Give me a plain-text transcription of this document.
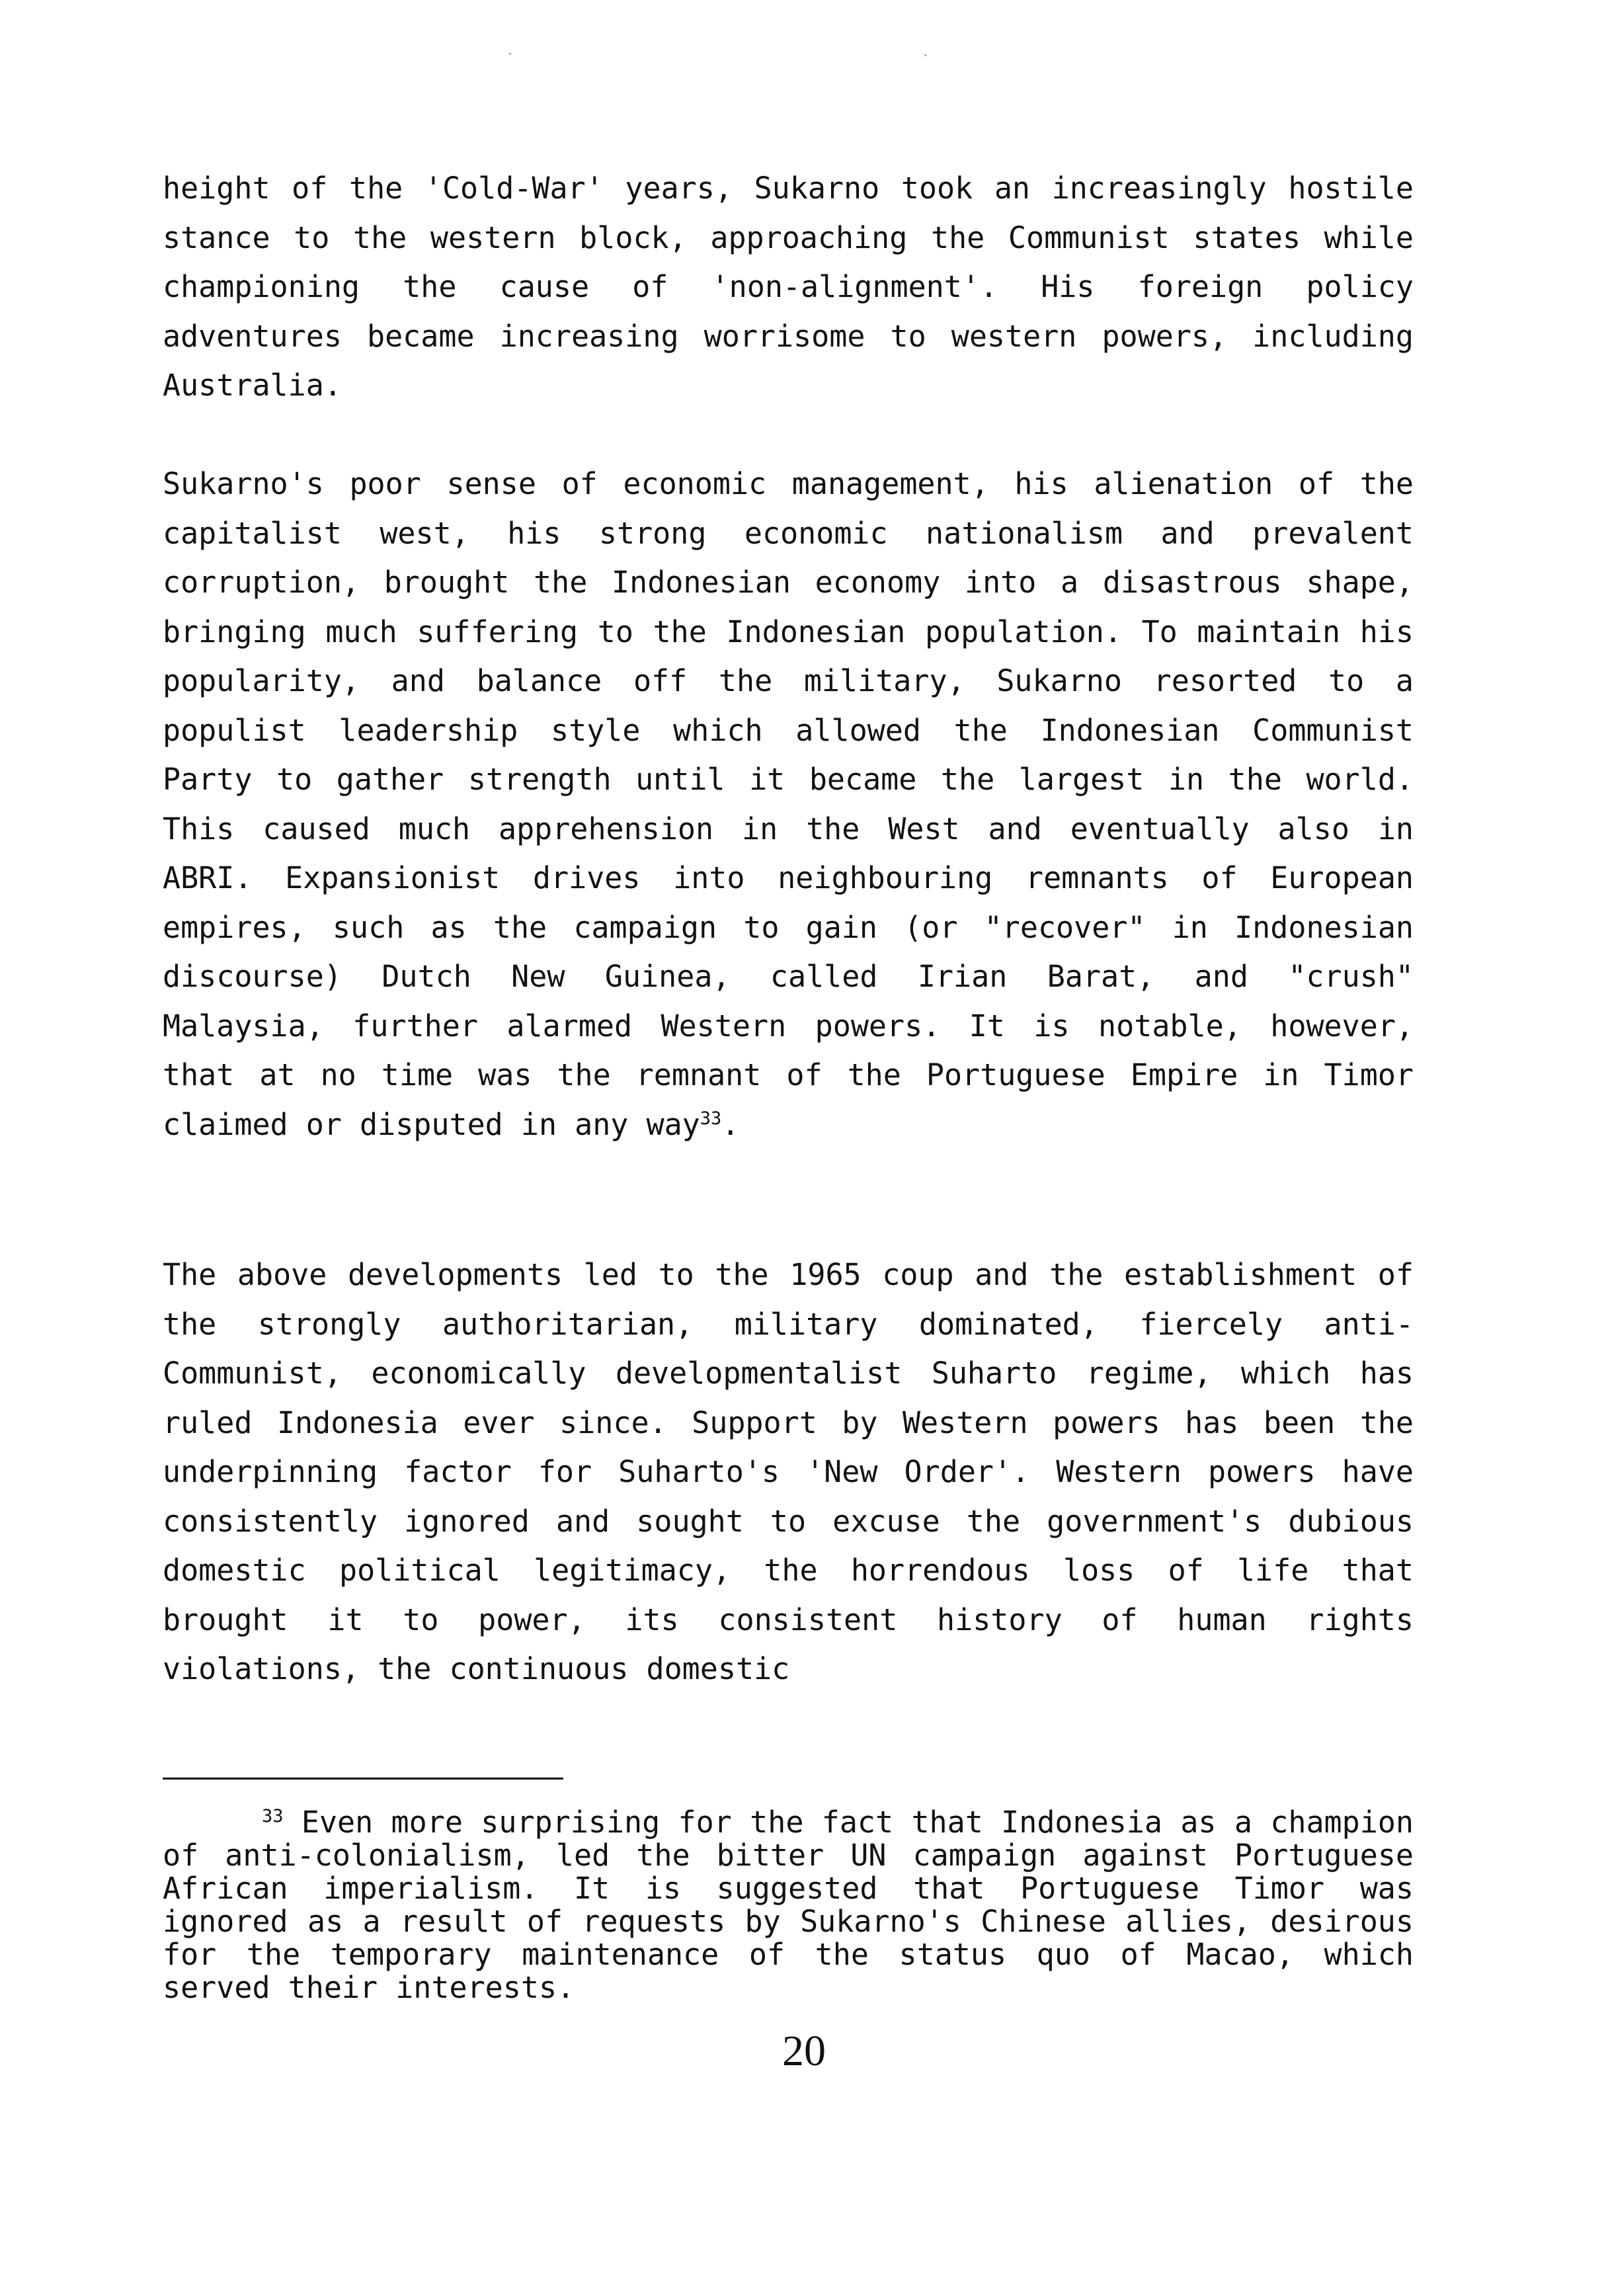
height of the 'Cold-War' years, Sukarno took an increasingly hostile stance to the western block, approaching the Communist states while championing the cause of 'non-alignment'. His foreign policy adventures became increasing worrisome to western powers, including Australia.

Sukarno's poor sense of economic management, his alienation of the capitalist west, his strong economic nationalism and prevalent corruption, brought the Indonesian economy into a disastrous shape, bringing much suffering to the Indonesian population. To maintain his popularity, and balance off the military, Sukarno resorted to a populist leadership style which allowed the Indonesian Communist Party to gather strength until it became the largest in the world. This caused much apprehension in the West and eventually also in ABRI. Expansionist drives into neighbouring remnants of European empires, such as the campaign to gain (or "recover" in Indonesian discourse) Dutch New Guinea, called Irian Barat, and "crush" Malaysia, further alarmed Western powers. It is notable, however, that at no time was the remnant of the Portuguese Empire in Timor claimed or disputed in any way$^{33}$.

The above developments led to the 1965 coup and the establishment of the strongly authoritarian, military dominated, fiercely anti-Communist, economically developmentalist Suharto regime, which has ruled Indonesia ever since. Support by Western powers has been the underpinning factor for Suharto's 'New Order'. Western powers have consistently ignored and sought to excuse the government's dubious domestic political legitimacy, the horrendous loss of life that brought it to power, its consistent history of human rights violations, the continuous domestic

$^{33}$ Even more surprising for the fact that Indonesia as a champion of anti-colonialism, led the bitter UN campaign against Portuguese African imperialism. It is suggested that Portuguese Timor was ignored as a result of requests by Sukarno's Chinese allies, desirous for the temporary maintenance of the status quo of Macao, which served their interests.

20
